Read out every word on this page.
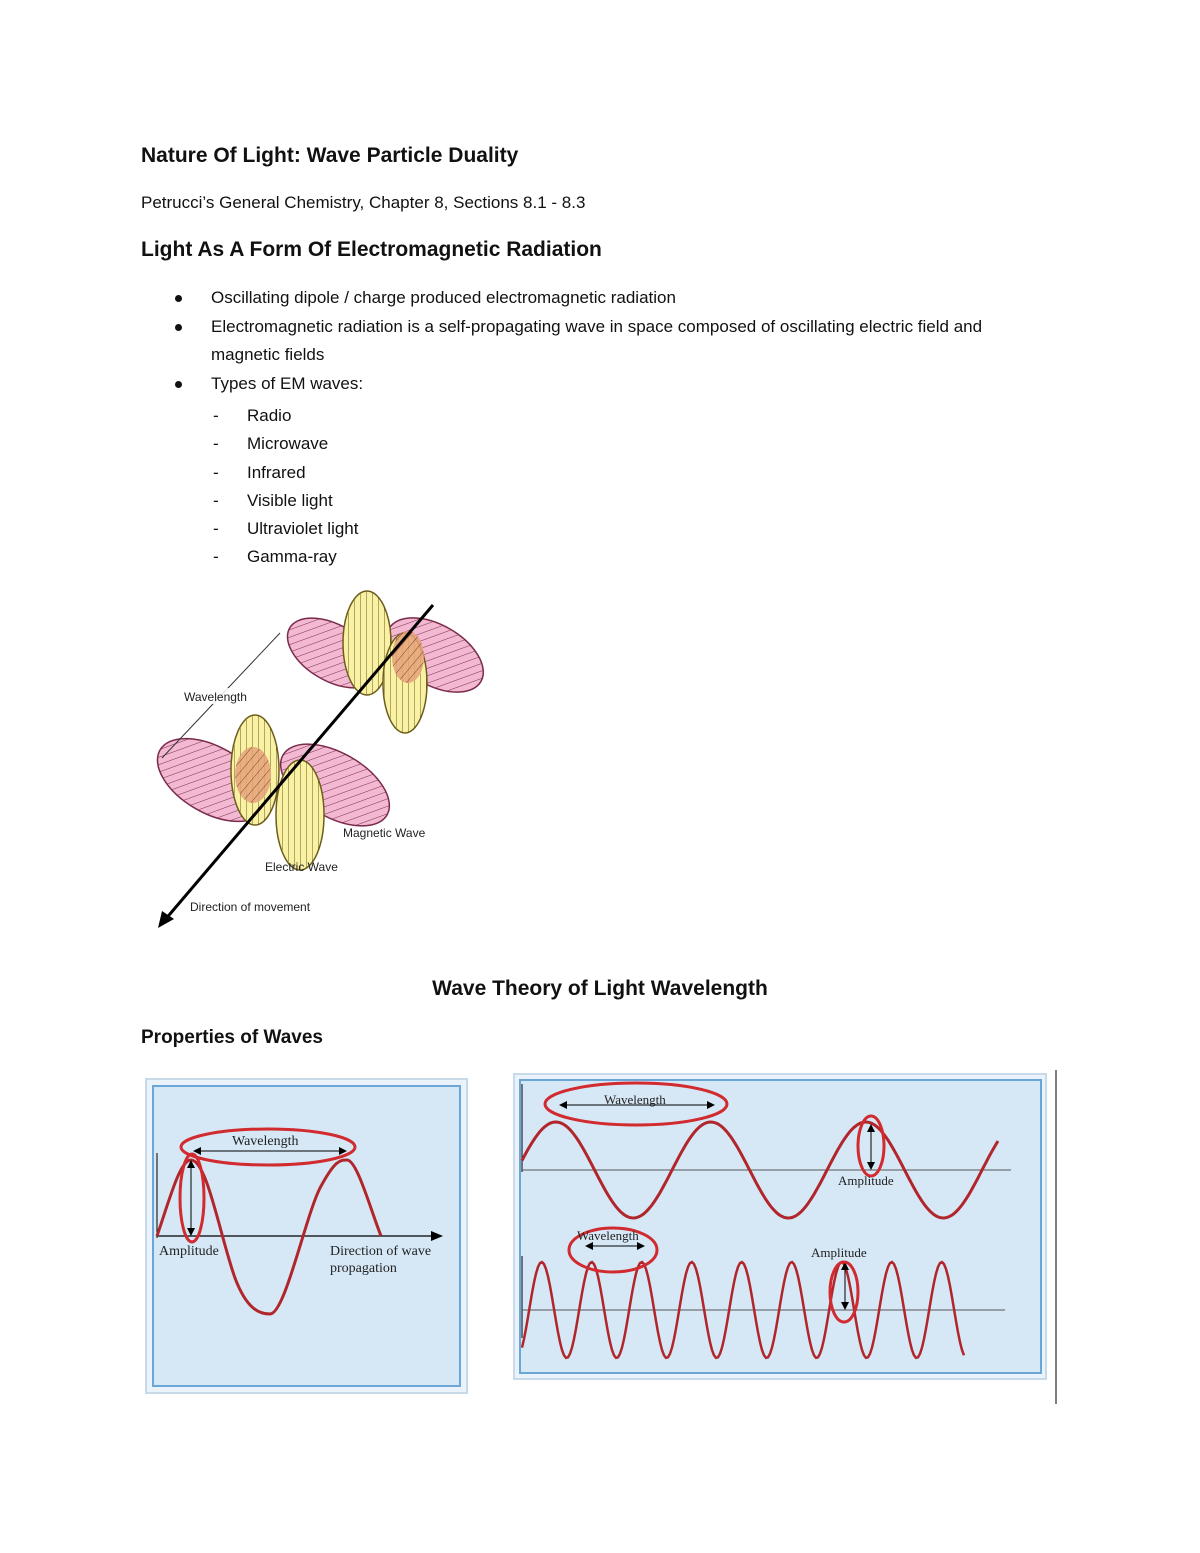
Nature Of Light: Wave Particle Duality
Petrucci’s General Chemistry, Chapter 8, Sections 8.1 - 8.3
Light As A Form Of Electromagnetic Radiation
Oscillating dipole / charge produced electromagnetic radiation
Electromagnetic radiation is a self-propagating wave in space composed of oscillating electric field and magnetic fields
Types of EM waves:
- Radio
- Microwave
- Infrared
- Visible light
- Ultraviolet light
- Gamma-ray
Wavelength
Magnetic Wave
Electric Wave
Direction of movement
Wave Theory of Light Wavelength
Properties of Waves
Wavelength
Amplitude	Direction of wave
propagation
Wavelength
Amplitude
Wavelength
Amplitude
